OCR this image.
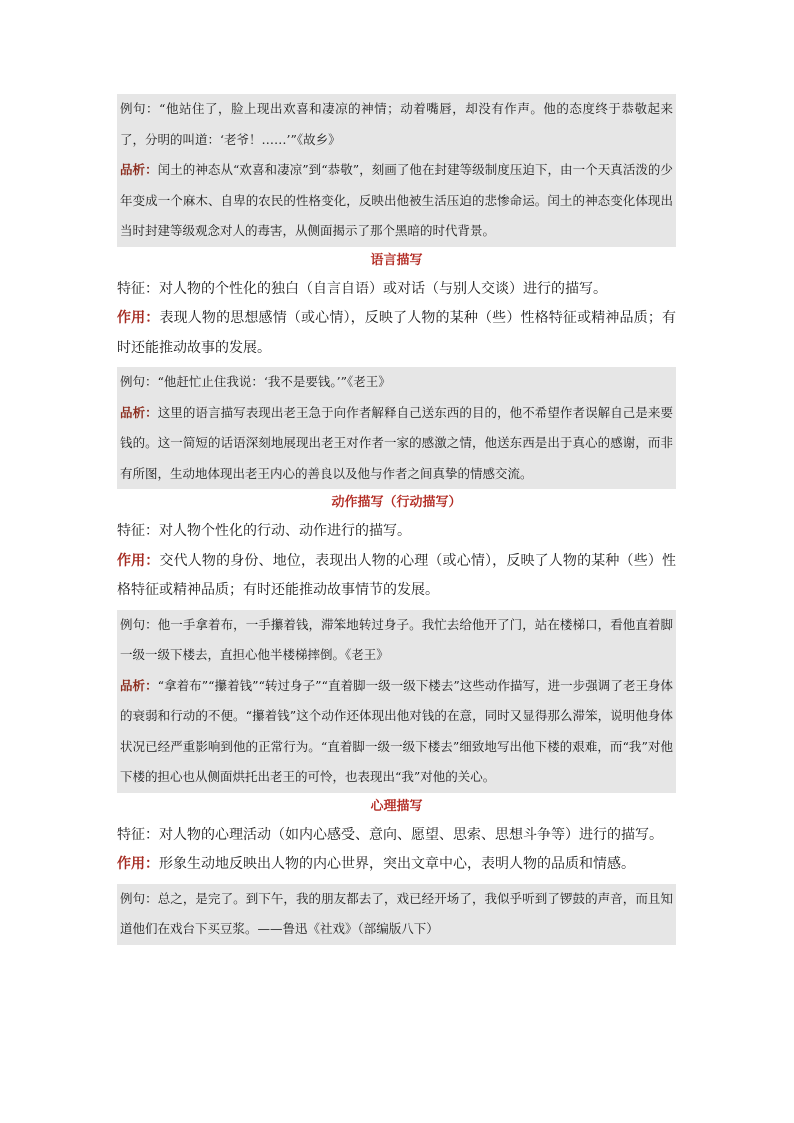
例句：“他站住了，脸上现出欢喜和凄凉的神情；动着嘴唇，却没有作声。他的态度终于恭敬起来了，分明的叫道：‘老爷！……’”《故乡》

品析：闰土的神态从“欢喜和凄凉”到“恭敬”，刻画了他在封建等级制度压迫下，由一个天真活泼的少年变成一个麻木、自卑的农民的性格变化，反映出他被生活压迫的悲惨命运。闰土的神态变化体现出当时封建等级观念对人的毒害，从侧面揭示了那个黑暗的时代背景。

语言描写

特征：对人物的个性化的独白（自言自语）或对话（与别人交谈）进行的描写。

作用：表现人物的思想感情（或心情），反映了人物的某种（些）性格特征或精神品质；有时还能推动故事的发展。

例句：“他赶忙止住我说：‘我不是要钱。’”《老王》

品析：这里的语言描写表现出老王急于向作者解释自己送东西的目的，他不希望作者误解自己是来要钱的。这一简短的话语深刻地展现出老王对作者一家的感激之情，他送东西是出于真心的感谢，而非有所图，生动地体现出老王内心的善良以及他与作者之间真挚的情感交流。

动作描写（行动描写）

特征：对人物个性化的行动、动作进行的描写。

作用：交代人物的身份、地位，表现出人物的心理（或心情），反映了人物的某种（些）性格特征或精神品质；有时还能推动故事情节的发展。

例句：他一手拿着布，一手攥着钱，滞笨地转过身子。我忙去给他开了门，站在楼梯口，看他直着脚一级一级下楼去，直担心他半楼梯摔倒。《老王》

品析：“拿着布”“攥着钱”“转过身子”“直着脚一级一级下楼去”这些动作描写，进一步强调了老王身体的衰弱和行动的不便。“攥着钱”这个动作还体现出他对钱的在意，同时又显得那么滞笨，说明他身体状况已经严重影响到他的正常行为。“直着脚一级一级下楼去”细致地写出他下楼的艰难，而“我”对他下楼的担心也从侧面烘托出老王的可怜，也表现出“我”对他的关心。

心理描写

特征：对人物的心理活动（如内心感受、意向、愿望、思索、思想斗争等）进行的描写。

作用：形象生动地反映出人物的内心世界，突出文章中心，表明人物的品质和情感。

例句：总之，是完了。到下午，我的朋友都去了，戏已经开场了，我似乎听到了锣鼓的声音，而且知道他们在戏台下买豆浆。——鲁迅《社戏》（部编版八下）
